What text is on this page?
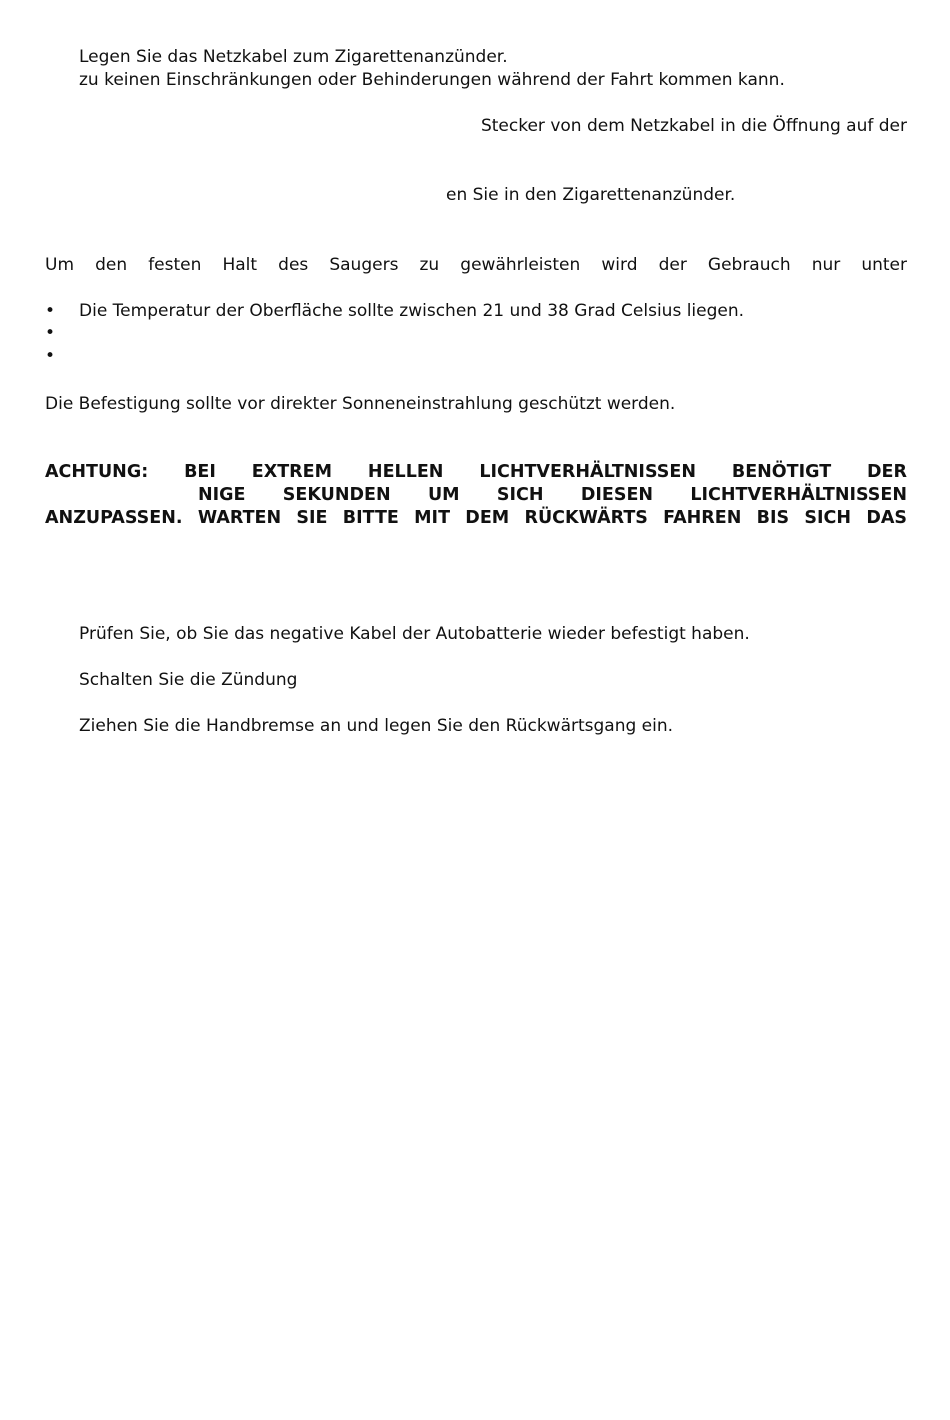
Legen Sie das Netzkabel zum Zigarettenanzünder.
zu keinen Einschränkungen oder Behinderungen während der Fahrt kommen kann.
Stecker von dem Netzkabel in die Öffnung auf der
en Sie in den Zigarettenanzünder.
Um den festen Halt des Saugers zu gewährleisten wird der Gebrauch nur unter
• Die Temperatur der Oberfläche sollte zwischen 21 und 38 Grad Celsius liegen.
•
•
Die Befestigung sollte vor direkter Sonneneinstrahlung geschützt werden.
ACHTUNG: BEI EXTREM HELLEN LICHTVERHÄLTNISSEN BENÖTIGT DER
NIGE SEKUNDEN UM SICH DIESEN LICHTVERHÄLTNISSEN
ANZUPASSEN. WARTEN SIE BITTE MIT DEM RÜCKWÄRTS FAHREN BIS SICH DAS
Prüfen Sie, ob Sie das negative Kabel der Autobatterie wieder befestigt haben.
Schalten Sie die Zündung
Ziehen Sie die Handbremse an und legen Sie den Rückwärtsgang ein.
